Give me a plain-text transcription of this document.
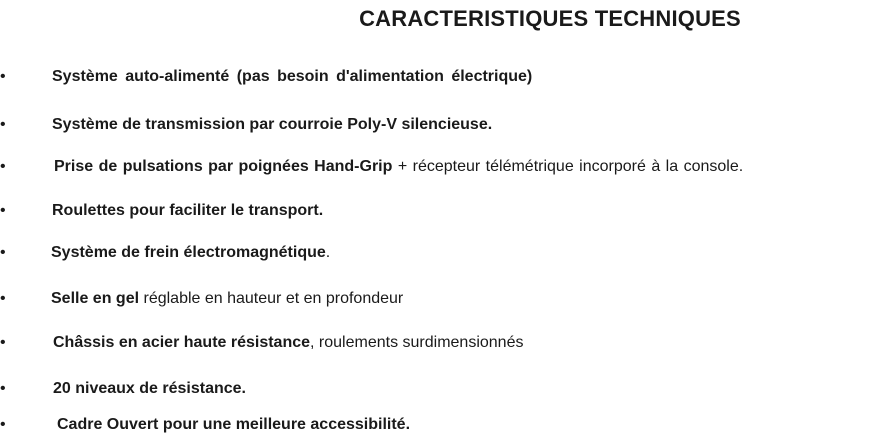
CARACTERISTIQUES TECHNIQUES
•	Système auto-alimenté (pas besoin d'alimentation électrique)
•	Système de transmission par courroie Poly-V silencieuse.
•	Prise de pulsations par poignées Hand-Grip + récepteur télémétrique incorporé à la console.
•	Roulettes pour faciliter le transport.
•	Système de frein électromagnétique.
•	Selle en gel réglable en hauteur et en profondeur
•	Châssis en acier haute résistance, roulements surdimensionnés
•	20 niveaux de résistance.
•	Cadre Ouvert pour une meilleure accessibilité.
